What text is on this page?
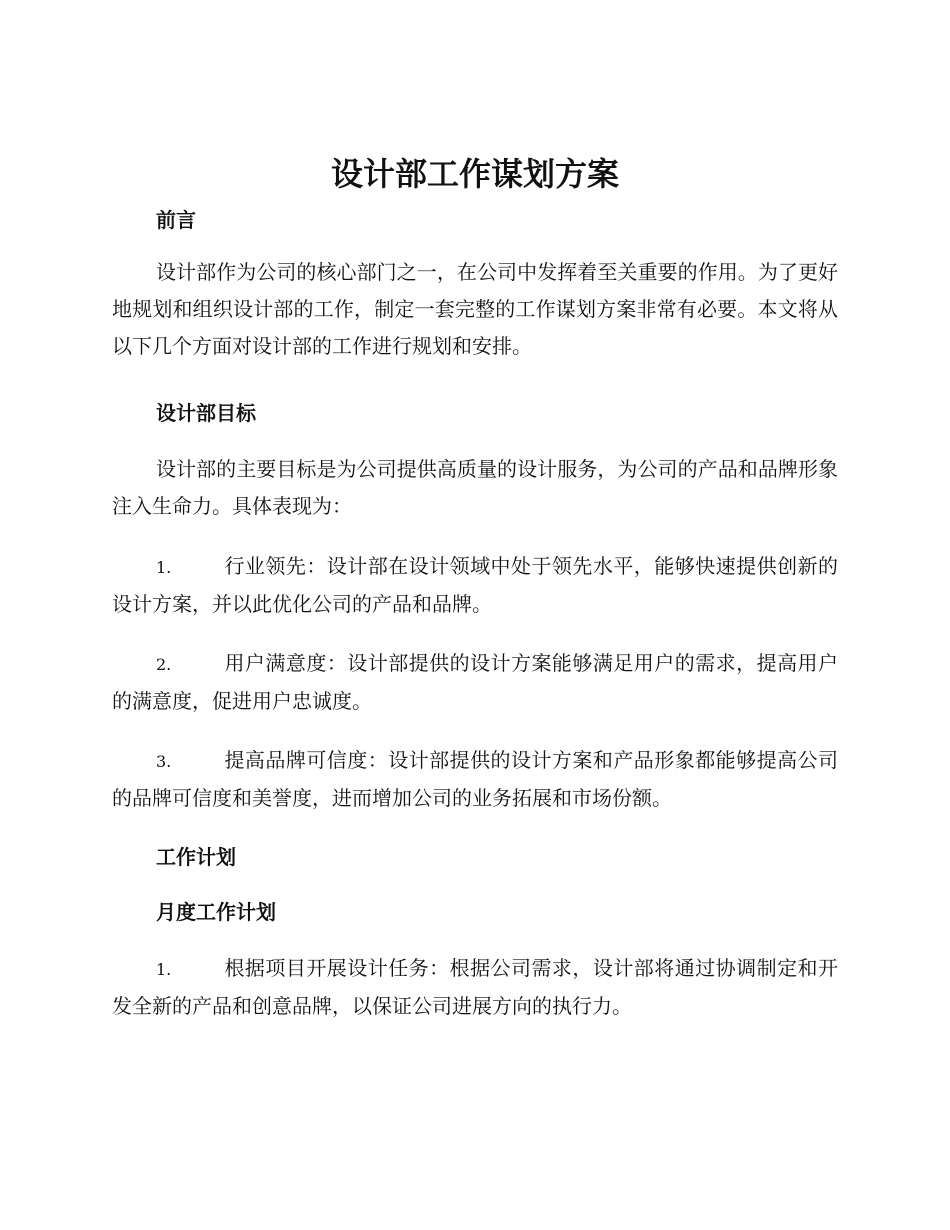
设计部工作谋划方案
前言

设计部作为公司的核心部门之一，在公司中发挥着至关重要的作用。为了更好地规划和组织设计部的工作，制定一套完整的工作谋划方案非常有必要。本文将从以下几个方面对设计部的工作进行规划和安排。

设计部目标

设计部的主要目标是为公司提供高质量的设计服务，为公司的产品和品牌形象注入生命力。具体表现为：

1.	行业领先：设计部在设计领域中处于领先水平，能够快速提供创新的设计方案，并以此优化公司的产品和品牌。

2.	用户满意度：设计部提供的设计方案能够满足用户的需求，提高用户的满意度，促进用户忠诚度。

3.	提高品牌可信度：设计部提供的设计方案和产品形象都能够提高公司的品牌可信度和美誉度，进而增加公司的业务拓展和市场份额。

工作计划
月度工作计划

1.	根据项目开展设计任务：根据公司需求，设计部将通过协调制定和开发全新的产品和创意品牌，以保证公司进展方向的执行力。
